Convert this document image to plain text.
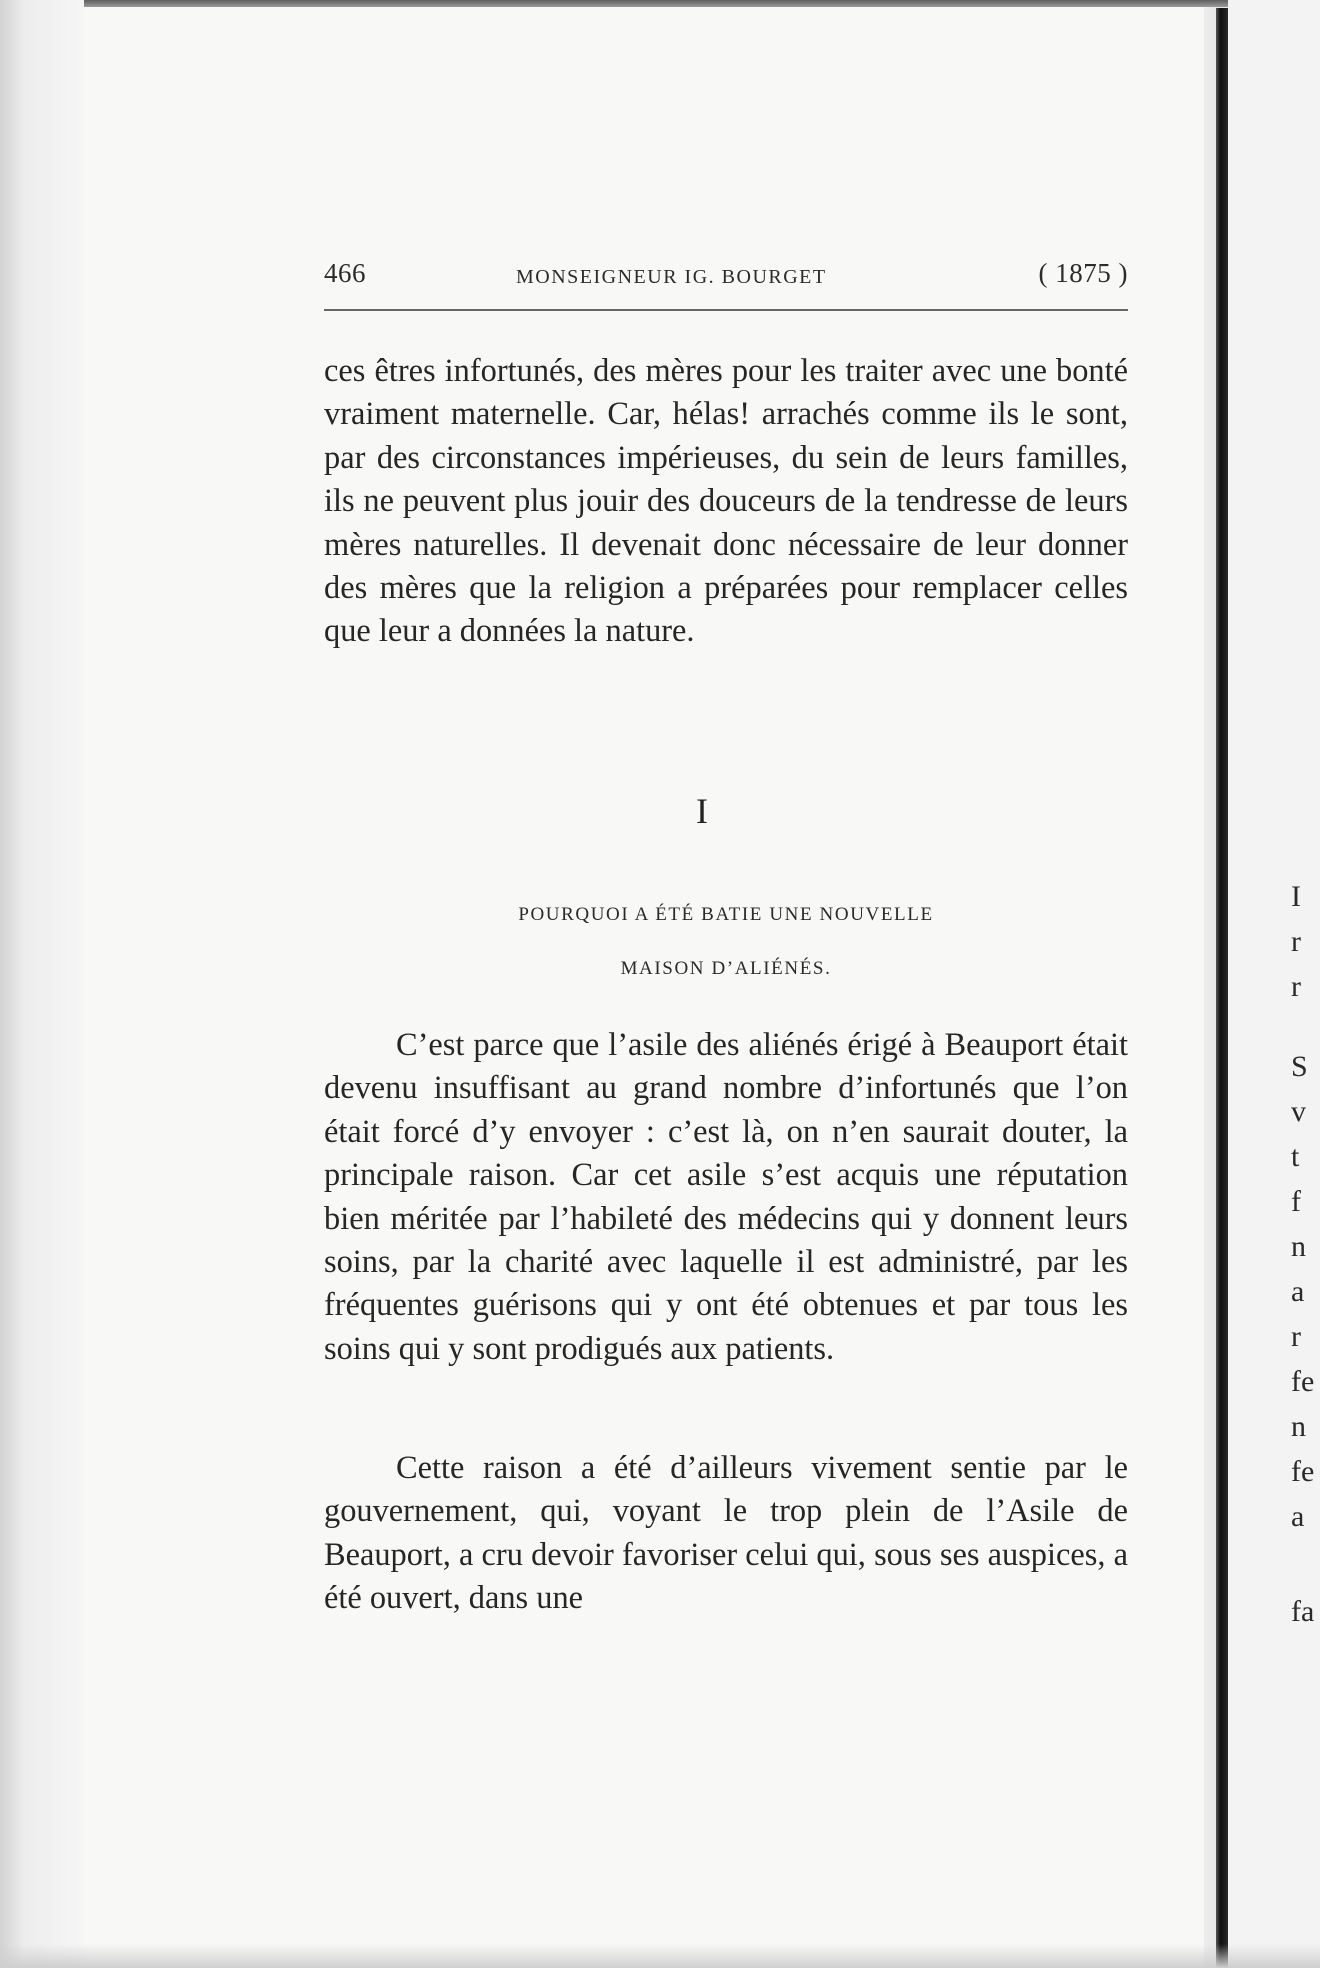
466	MONSEIGNEUR IG. BOURGET	( 1875 )

ces êtres infortunés, des mères pour les traiter avec une bonté vraiment maternelle. Car, hélas! arrachés comme ils le sont, par des circonstances impérieuses, du sein de leurs familles, ils ne peuvent plus jouir des douceurs de la tendresse de leurs mères naturelles. Il devenait donc nécessaire de leur donner des mères que la religion a préparées pour remplacer celles que leur a données la nature.

I
POURQUOI A ÉTÉ BATIE UNE NOUVELLE
MAISON D’ALIÉNÉS.

C’est parce que l’asile des aliénés érigé à Beauport était devenu insuffisant au grand nombre d’infortunés que l’on était forcé d’y envoyer : c’est là, on n’en saurait douter, la principale raison. Car cet asile s’est acquis une réputation bien méritée par l’habileté des médecins qui y donnent leurs soins, par la charité avec laquelle il est administré, par les fréquentes guérisons qui y ont été obtenues et par tous les soins qui y sont prodigués aux patients.

Cette raison a été d’ailleurs vivement sentie par le gouvernement, qui, voyant le trop plein de l’Asile de Beauport, a cru devoir favoriser celui qui, sous ses auspices, a été ouvert, dans une

I
r
r
S
v
t
f
n
a
r
fe
n
fe
a
fa
